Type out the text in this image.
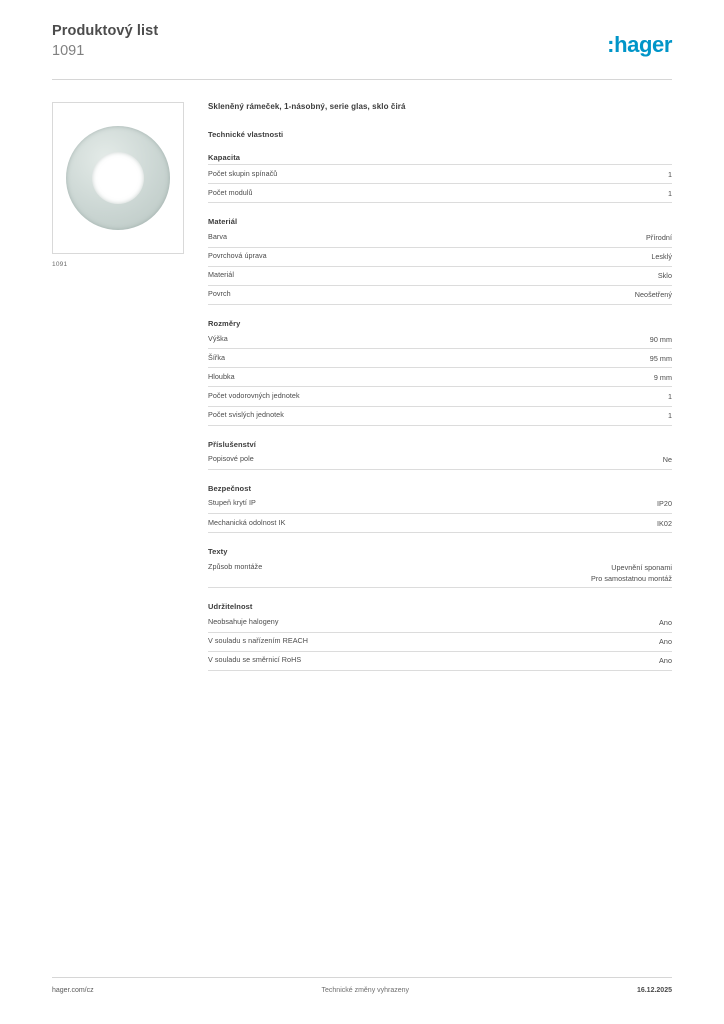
Produktový list
1091	:hager
1091
Skleněný rámeček, 1-násobný, serie glas, sklo čirá
Technické vlastnosti
Kapacita
Počet skupin spínačů	1
Počet modulů	1
Materiál
Barva	Přírodní
Povrchová úprava	Lesklý
Materiál	Sklo
Povrch	Neošetřený
Rozměry
Výška	90 mm
Šířka	95 mm
Hloubka	9 mm
Počet vodorovných jednotek	1
Počet svislých jednotek	1
Příslušenství
Popisové pole	Ne
Bezpečnost
Stupeň krytí IP	IP20
Mechanická odolnost IK	IK02
Texty
Způsob montáže	Upevnění sponami
Pro samostatnou montáž
Udržitelnost
Neobsahuje halogeny	Ano
V souladu s nařízením REACH	Ano
V souladu se směrnicí RoHS	Ano
hager.com/cz	Technické změny vyhrazeny	16.12.2025
